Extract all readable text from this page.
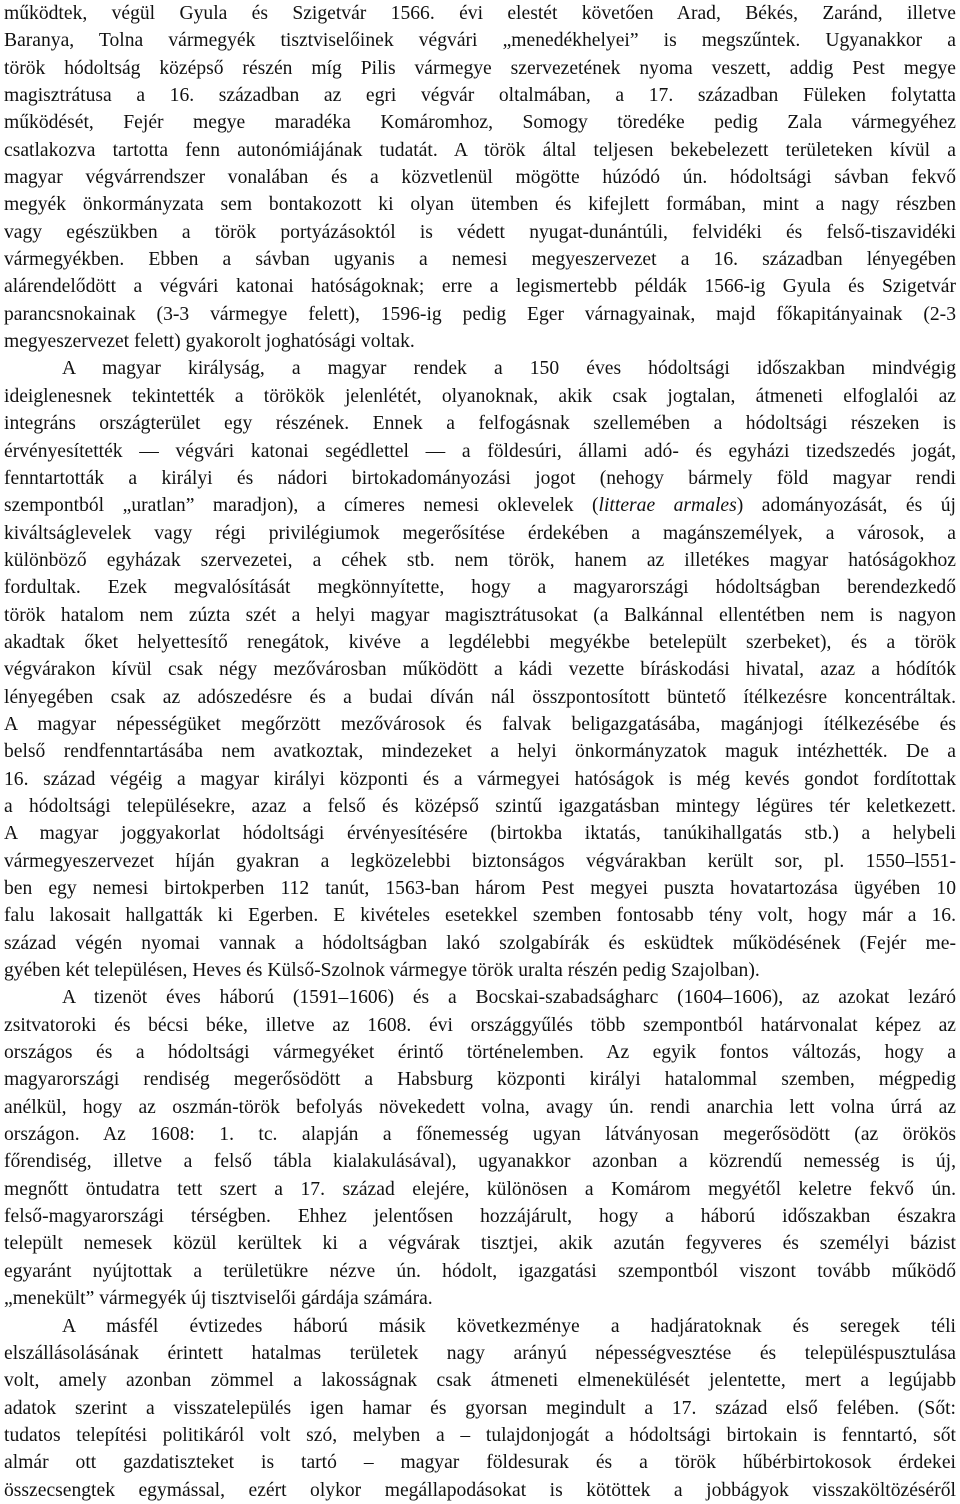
működtek, végül Gyula és Szigetvár 1566. évi elestét követően Arad, Békés, Zaránd, illetve
Baranya, Tolna vármegyék tisztviselőinek végvári „menedékhelyei” is megszűntek. Ugyanakkor a
török hódoltság középső részén míg Pilis vármegye szervezetének nyoma veszett, addig Pest megye
magisztrátusa a 16. században az egri végvár oltalmában, a 17. században Füleken folytatta
működését, Fejér megye maradéka Komáromhoz, Somogy töredéke pedig Zala vármegyéhez
csatlakozva tartotta fenn autonómiájának tudatát. A török által teljesen bekebelezett területeken kívül a
magyar végvárrendszer vonalában és a közvetlenül mögötte húzódó ún. hódoltsági sávban fekvő
megyék önkormányzata sem bontakozott ki olyan ütemben és kifejlett formában, mint a nagy részben
vagy egészükben a török portyázásoktól is védett nyugat-dunántúli, felvidéki és felső-tiszavidéki
vármegyékben. Ebben a sávban ugyanis a nemesi megyeszervezet a 16. században lényegében
alárendelődött a végvári katonai hatóságoknak; erre a legismertebb példák 1566-ig Gyula és Szigetvár
parancsnokainak (3-3 vármegye felett), 1596-ig pedig Eger várnagyainak, majd főkapitányainak (2-3
megyeszervezet felett) gyakorolt joghatósági voltak.
A magyar királyság, a magyar rendek a 150 éves hódoltsági időszakban mindvégig
ideiglenesnek tekintették a törökök jelenlétét, olyanoknak, akik csak jogtalan, átmeneti elfoglalói az
integráns országterület egy részének. Ennek a felfogásnak szellemében a hódoltsági részeken is
érvényesítették — végvári katonai segédlettel — a földesúri, állami adó- és egyházi tizedszedés jogát,
fenntartották a királyi és nádori birtokadományozási jogot (nehogy bármely föld magyar rendi
szempontból „uratlan” maradjon), a címeres nemesi oklevelek (litterae armales) adományozását, és új
kiváltságlevelek vagy régi privilégiumok megerősítése érdekében a magánszemélyek, a városok, a
különböző egyházak szervezetei, a céhek stb. nem török, hanem az illetékes magyar hatóságokhoz
fordultak. Ezek megvalósítását megkönnyítette, hogy a magyarországi hódoltságban berendezkedő
török hatalom nem zúzta szét a helyi magyar magisztrátusokat (a Balkánnal ellentétben nem is nagyon
akadtak őket helyettesítő renegátok, kivéve a legdélebbi megyékbe betelepült szerbeket), és a török
végvárakon kívül csak négy mezővárosban működött a kádi vezette bíráskodási hivatal, azaz a hódítók
lényegében csak az adószedésre és a budai díván nál összpontosított büntető ítélkezésre koncentráltak.
A magyar népességüket megőrzött mezővárosok és falvak beligazgatásába, magánjogi ítélkezésébe és
belső rendfenntartásába nem avatkoztak, mindezeket a helyi önkormányzatok maguk intézhették. De a
16. század végéig a magyar királyi központi és a vármegyei hatóságok is még kevés gondot fordítottak
a hódoltsági településekre, azaz a felső és középső szintű igazgatásban mintegy légüres tér keletkezett.
A magyar joggyakorlat hódoltsági érvényesítésére (birtokba iktatás, tanúkihallgatás stb.) a helybeli
vármegyeszervezet híján gyakran a legközelebbi biztonságos végvárakban került sor, pl. 1550–l551-
ben egy nemesi birtokperben 112 tanút, 1563-ban három Pest megyei puszta hovatartozása ügyében 10
falu lakosait hallgatták ki Egerben. E kivételes esetekkel szemben fontosabb tény volt, hogy már a 16.
század végén nyomai vannak a hódoltságban lakó szolgabírák és esküdtek működésének (Fejér me-
gyében két településen, Heves és Külső-Szolnok vármegye török uralta részén pedig Szajolban).
A tizenöt éves háború (1591–1606) és a Bocskai-szabadságharc (1604–1606), az azokat lezáró
zsitvatoroki és bécsi béke, illetve az 1608. évi országgyűlés több szempontból határvonalat képez az
országos és a hódoltsági vármegyéket érintő történelemben. Az egyik fontos változás, hogy a
magyarországi rendiség megerősödött a Habsburg központi királyi hatalommal szemben, mégpedig
anélkül, hogy az oszmán-török befolyás növekedett volna, avagy ún. rendi anarchia lett volna úrrá az
országon. Az 1608: 1. tc. alapján a főnemesség ugyan látványosan megerősödött (az örökös
főrendiség, illetve a felső tábla kialakulásával), ugyanakkor azonban a közrendű nemesség is új,
megnőtt öntudatra tett szert a 17. század elejére, különösen a Komárom megyétől keletre fekvő ún.
felső-magyarországi térségben. Ehhez jelentősen hozzájárult, hogy a háború időszakban északra
települt nemesek közül kerültek ki a végvárak tisztjei, akik azután fegyveres és személyi bázist
egyaránt nyújtottak a területükre nézve ún. hódolt, igazgatási szempontból viszont tovább működő
„menekült” vármegyék új tisztviselői gárdája számára.
A másfél évtizedes háború másik következménye a hadjáratoknak és seregek téli
elszállásolásának érintett hatalmas területek nagy arányú népességvesztése és településpusztulása
volt, amely azonban zömmel a lakosságnak csak átmeneti elmenekülését jelentette, mert a legújabb
adatok szerint a visszatelepülés igen hamar és gyorsan megindult a 17. század első felében. (Sőt:
tudatos telepítési politikáról volt szó, melyben a – tulajdonjogát a hódoltsági birtokain is fenntartó, sőt
almár ott gazdatiszteket is tartó – magyar földesurak és a török hűbérbirtokosok érdekei
összecsengtek egymással, ezért olykor megállapodásokat is kötöttek a jobbágyok visszaköltözéséről
